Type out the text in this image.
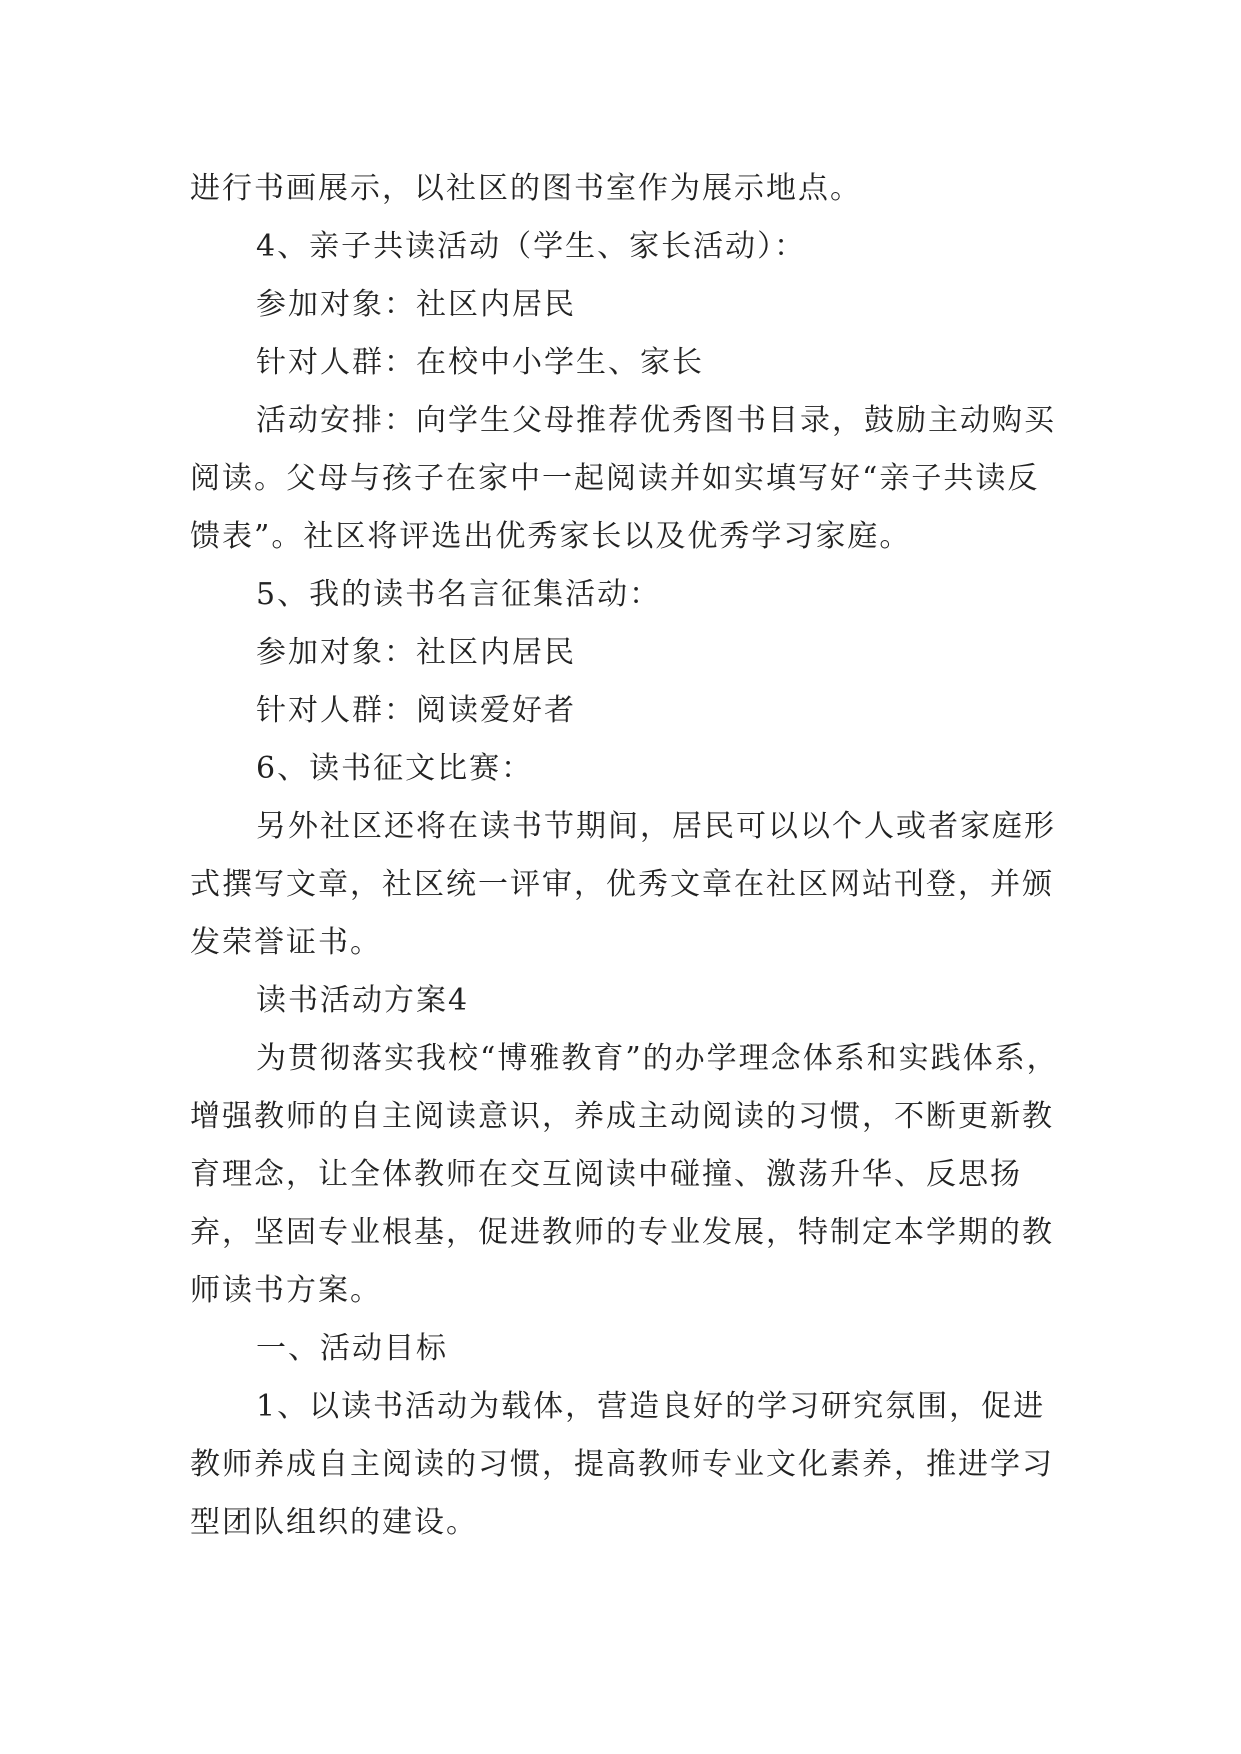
进行书画展示，以社区的图书室作为展示地点。

4、亲子共读活动（学生、家长活动）：

参加对象：社区内居民

针对人群：在校中小学生、家长

活动安排：向学生父母推荐优秀图书目录，鼓励主动购买阅读。父母与孩子在家中一起阅读并如实填写好“亲子共读反馈表”。社区将评选出优秀家长以及优秀学习家庭。

5、我的读书名言征集活动：

参加对象：社区内居民

针对人群：阅读爱好者

6、读书征文比赛：

另外社区还将在读书节期间，居民可以以个人或者家庭形式撰写文章，社区统一评审，优秀文章在社区网站刊登，并颁发荣誉证书。

读书活动方案4

为贯彻落实我校“博雅教育”的办学理念体系和实践体系，增强教师的自主阅读意识，养成主动阅读的习惯，不断更新教育理念，让全体教师在交互阅读中碰撞、激荡升华、反思扬弃，坚固专业根基，促进教师的专业发展，特制定本学期的教师读书方案。

一、活动目标

1、以读书活动为载体，营造良好的学习研究氛围，促进教师养成自主阅读的习惯，提高教师专业文化素养，推进学习型团队组织的建设。
